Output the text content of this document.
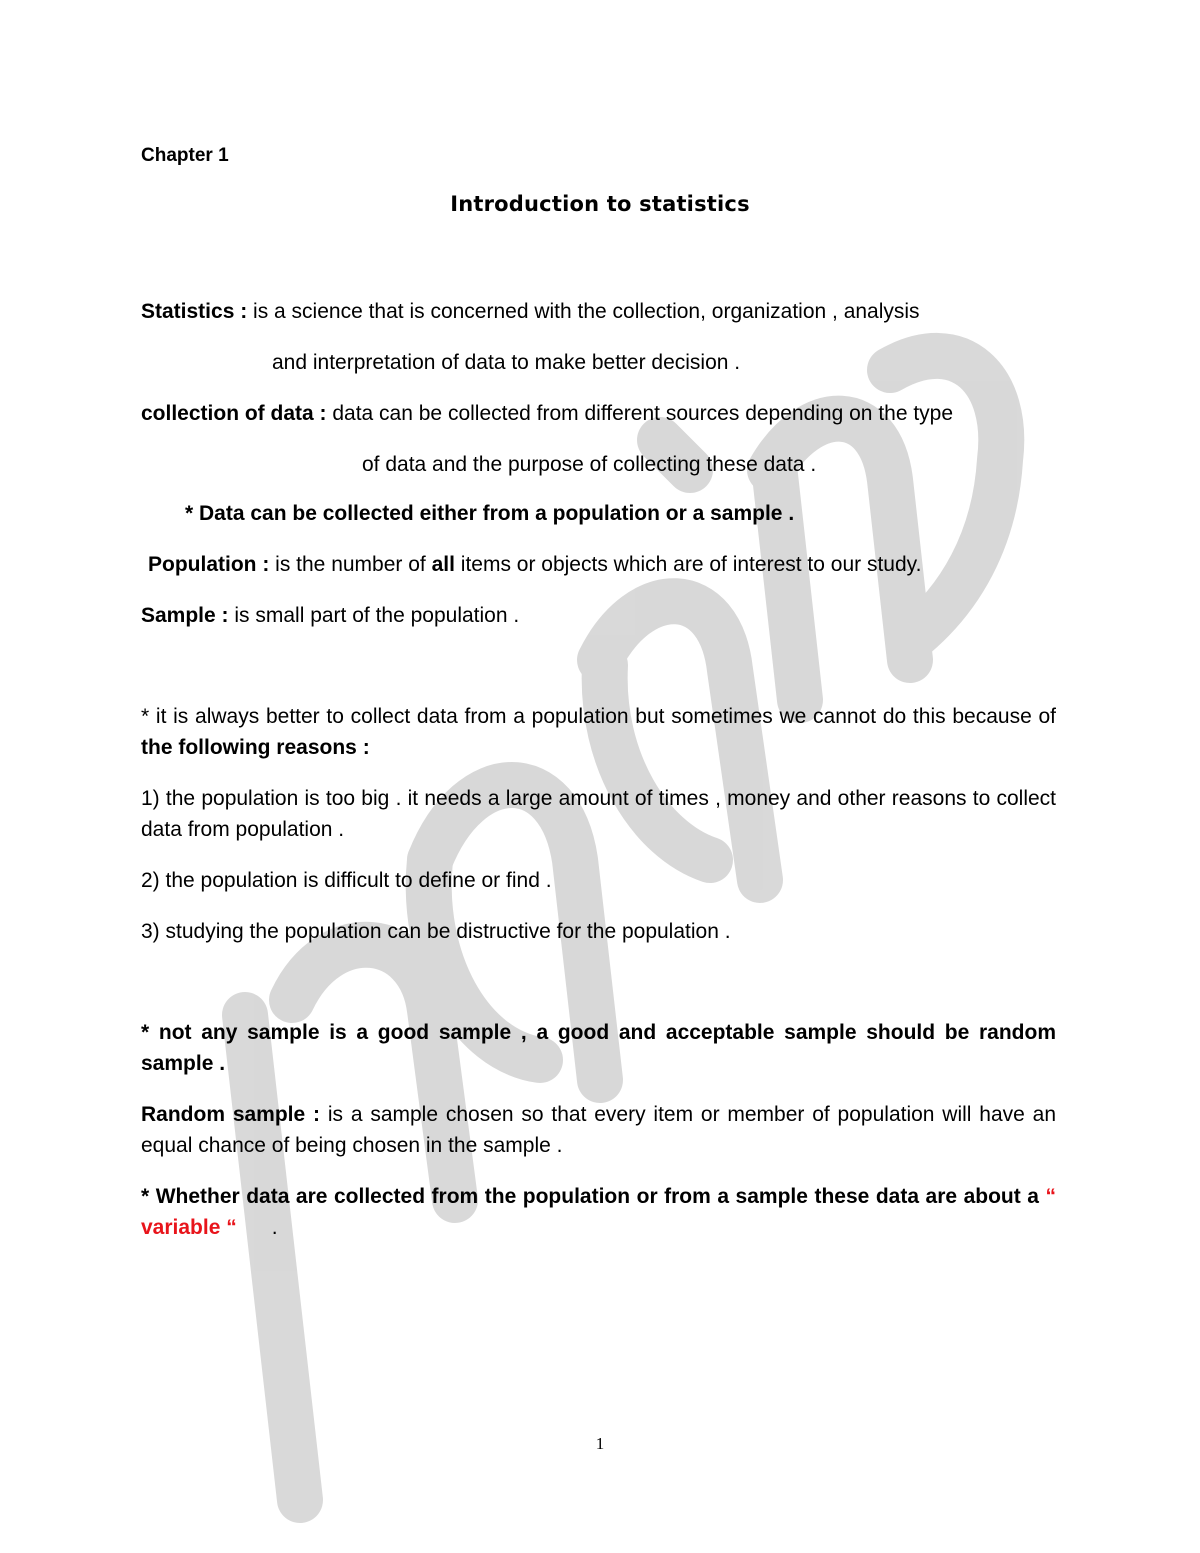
Chapter 1
Introduction to statistics
Statistics : is a science that is concerned with the collection, organization , analysis
and interpretation of data to make better decision .
collection of data : data can be collected from different sources depending on the type
of data and the purpose of collecting these data .
* Data can be collected either from a population or a sample .
Population : is the number of all items or objects which are of interest to our study.
Sample : is small part of the population .

* it is always better to collect data from a population but sometimes we cannot do this because of the following reasons :

1) the population is too big . it needs a large amount of times , money and other reasons to collect data from population .

2) the population is difficult to define or find .
3) studying the population can be distructive for the population .

* not any sample is a good sample , a good and acceptable sample should be random sample .

Random sample : is a sample chosen so that every item or member of population will have an equal chance of being chosen in the sample .

* Whether data are collected from the population or from a sample these data are about a “ variable “      .

1
